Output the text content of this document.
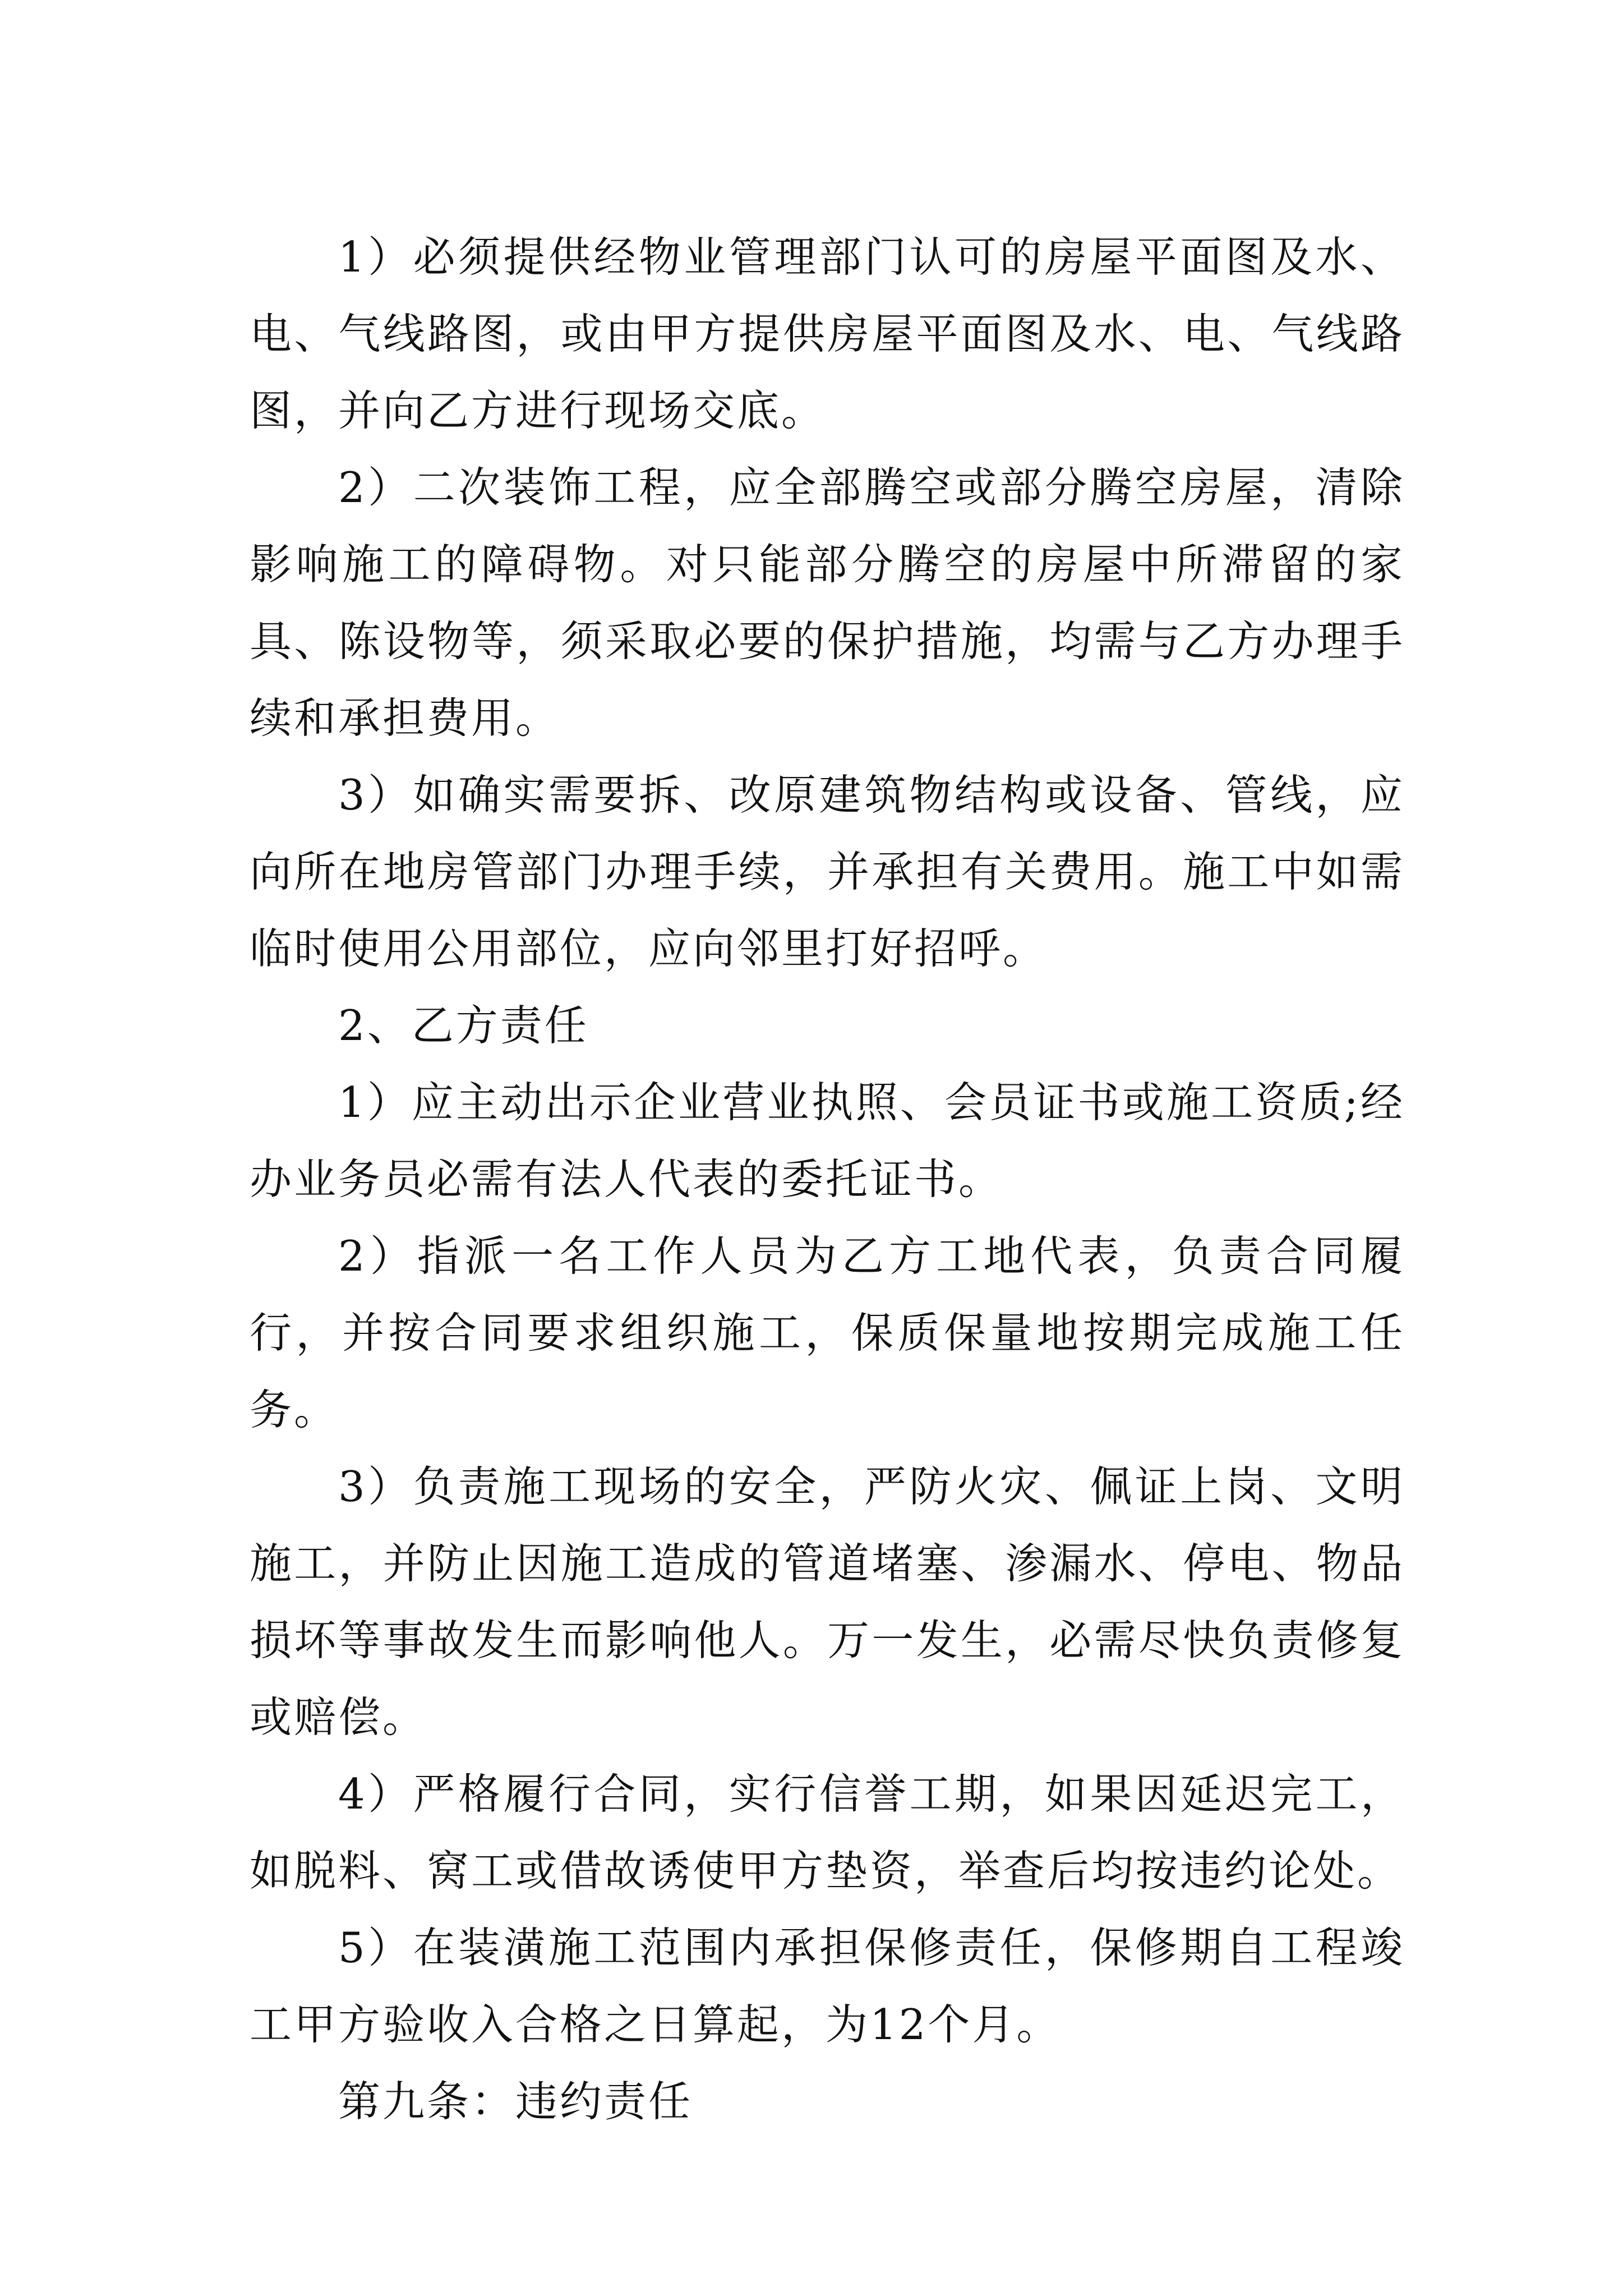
1）必须提供经物业管理部门认可的房屋平面图及水、电、气线路图，或由甲方提供房屋平面图及水、电、气线路图，并向乙方进行现场交底。

2）二次装饰工程，应全部腾空或部分腾空房屋，清除影响施工的障碍物。对只能部分腾空的房屋中所滞留的家具、陈设物等，须采取必要的保护措施，均需与乙方办理手续和承担费用。

3）如确实需要拆、改原建筑物结构或设备、管线，应向所在地房管部门办理手续，并承担有关费用。施工中如需临时使用公用部位，应向邻里打好招呼。

2、乙方责任

1）应主动出示企业营业执照、会员证书或施工资质;经办业务员必需有法人代表的委托证书。

2）指派一名工作人员为乙方工地代表，负责合同履行，并按合同要求组织施工，保质保量地按期完成施工任务。

3）负责施工现场的安全，严防火灾、佩证上岗、文明施工，并防止因施工造成的管道堵塞、渗漏水、停电、物品损坏等事故发生而影响他人。万一发生，必需尽快负责修复或赔偿。

4）严格履行合同，实行信誉工期，如果因延迟完工，如脱料、窝工或借故诱使甲方垫资，举查后均按违约论处。

5）在装潢施工范围内承担保修责任，保修期自工程竣工甲方验收入合格之日算起，为12个月。

第九条：违约责任
